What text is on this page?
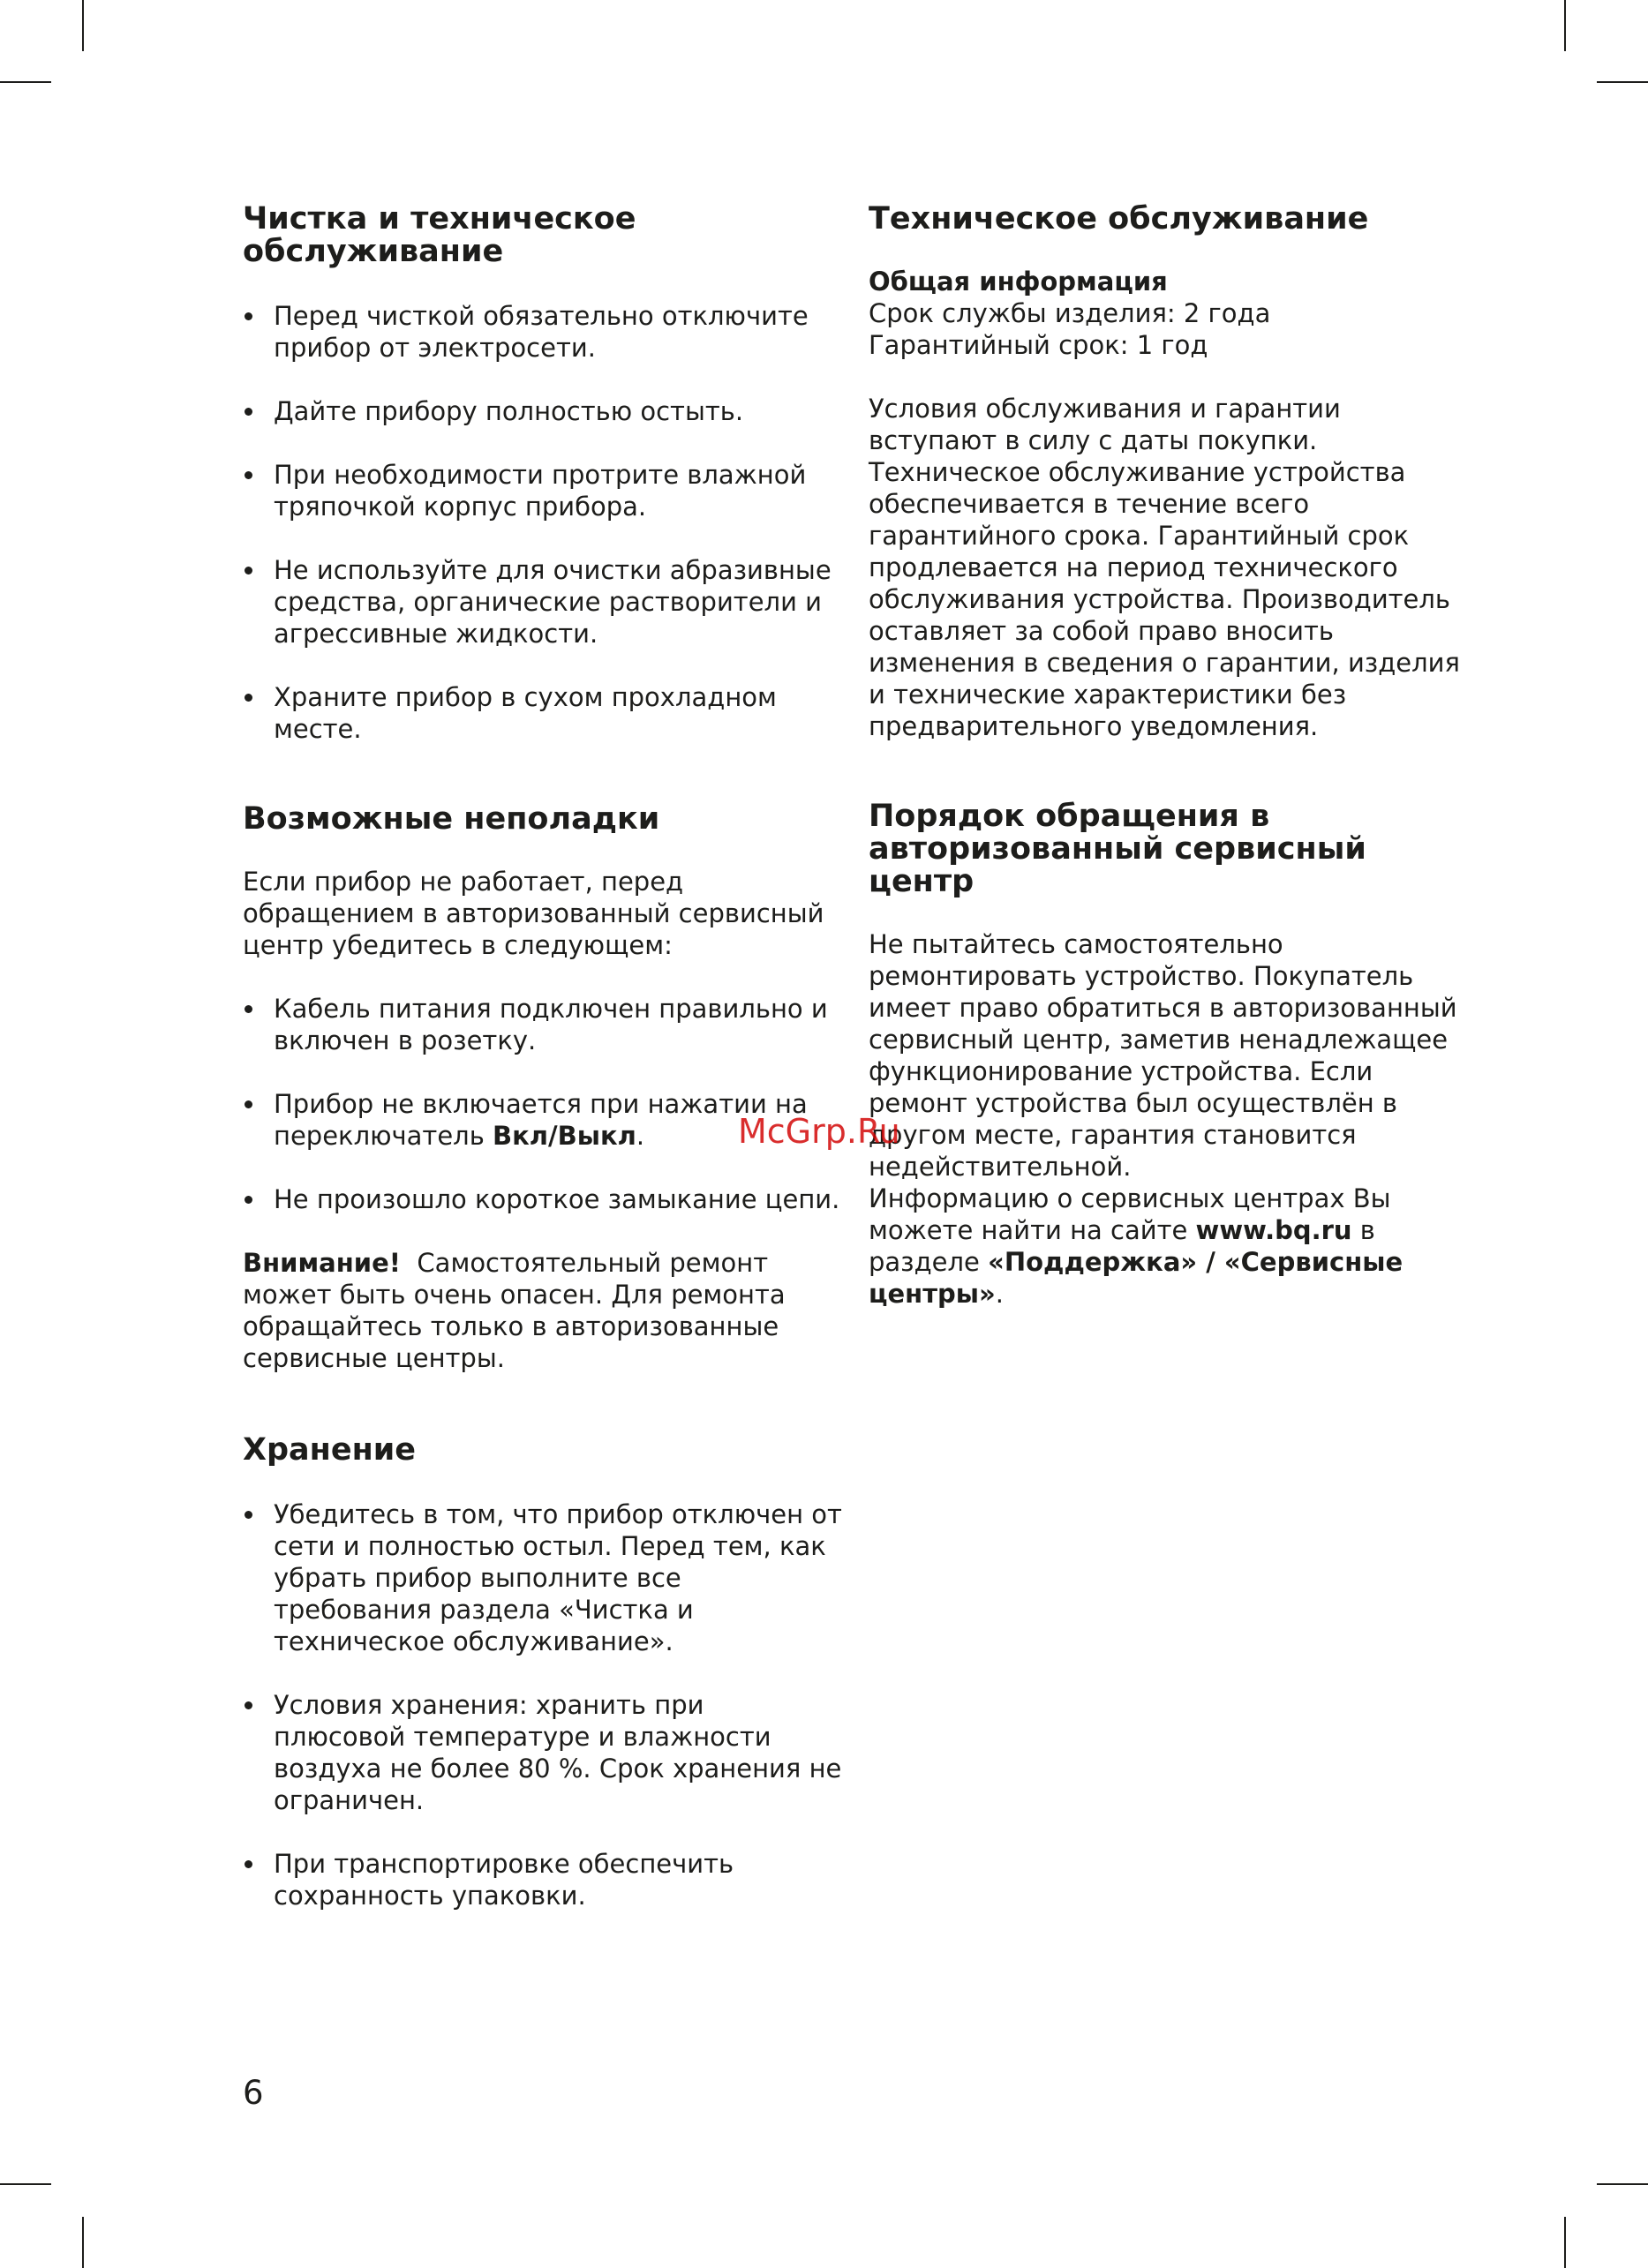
Чистка и техническое обслуживание
Перед чисткой обязательно отключите прибор от электросети.
Дайте прибору полностью остыть.
При необходимости протрите влажной тряпочкой корпус прибора.
Не используйте для очистки абразивные средства, органические растворители и агрессивные жидкости.
Храните прибор в сухом прохладном месте.
Возможные неполадки

Если прибор не работает, перед обращением в авторизованный сервисный центр убедитесь в следующем:

Кабель питания подключен правильно и включен в розетку.
Прибор не включается при нажатии на переключатель Вкл/Выкл.
Не произошло короткое замыкание цепи.

Внимание! Самостоятельный ремонт может быть очень опасен. Для ремонта обращайтесь только в авторизованные сервисные центры.

Хранение
Убедитесь в том, что прибор отключен от сети и полностью остыл. Перед тем, как убрать прибор выполните все требования раздела «Чистка и техническое обслуживание».
Условия хранения: хранить при плюсовой температуре и влажности воздуха не более 80 %. Срок хранения не ограничен.
При транспортировке обеспечить сохранность упаковки.
Техническое обслуживание

Общая информация

Срок службы изделия: 2 года

Гарантийный срок: 1 год

Условия обслуживания и гарантии вступают в силу с даты покупки. Техническое обслуживание устройства обеспечивается в течение всего гарантийного срока. Гарантийный срок продлевается на период технического обслуживания устройства. Производитель оставляет за собой право вносить изменения в сведения о гарантии, изделия и технические характеристики без предварительного уведомления.

Порядок обращения в авторизованный сервисный центр

Не пытайтесь самостоятельно ремонтировать устройство. Покупатель имеет право обратиться в авторизованный сервисный центр, заметив ненадлежащее функционирование устройства. Если ремонт устройства был осуществлён в другом месте, гарантия становится недействительной.

Информацию о сервисных центрах Вы можете найти на сайте www.bq.ru в разделе «Поддержка» / «Сервисные центры».

McGrp.Ru
6
